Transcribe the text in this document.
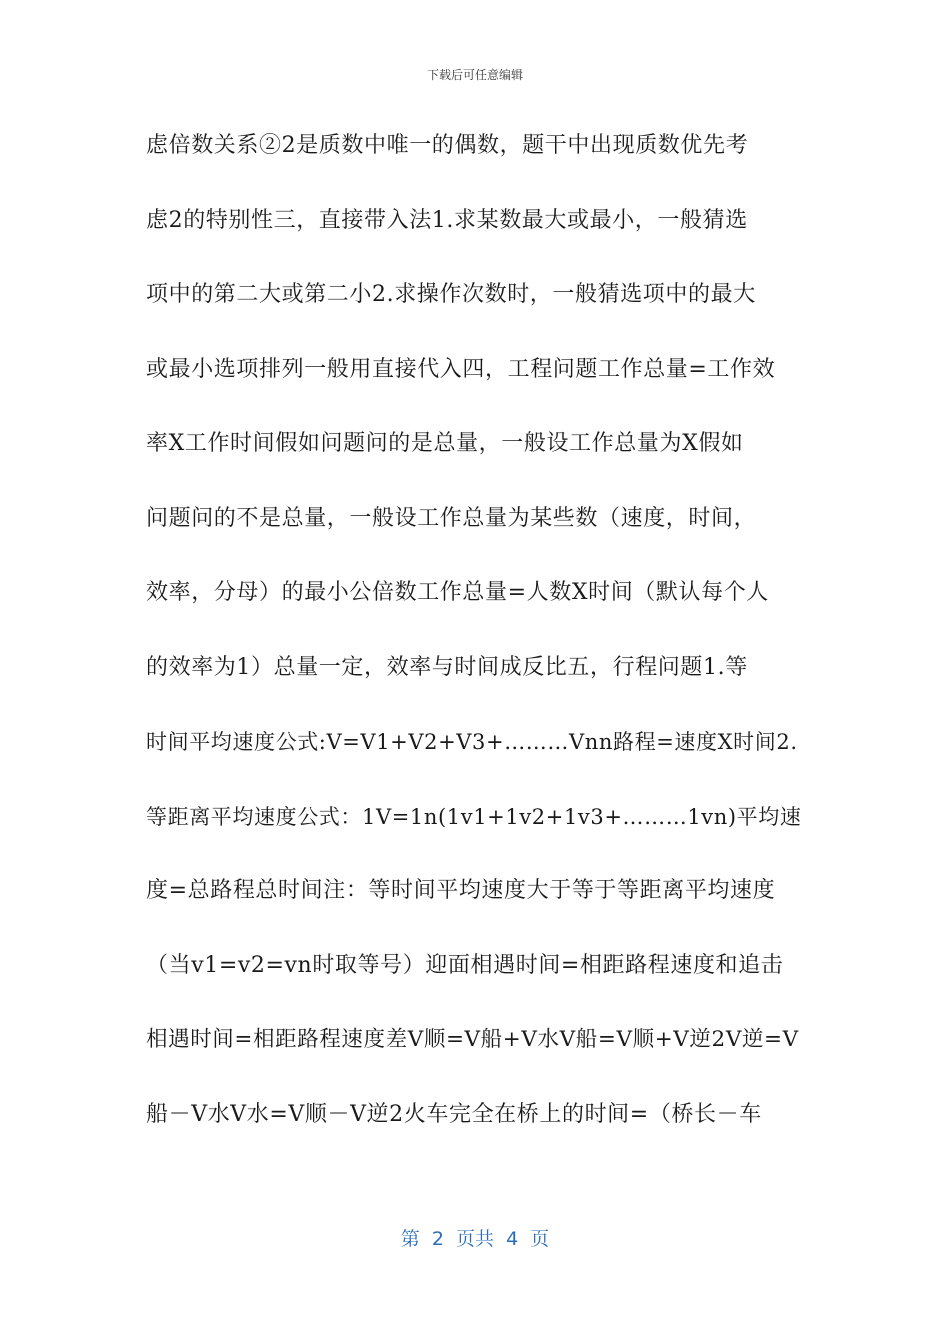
下载后可任意编辑
虑倍数关系②2是质数中唯一的偶数，题干中出现质数优先考
虑2的特别性三，直接带入法1.求某数最大或最小，一般猜选
项中的第二大或第二小2.求操作次数时，一般猜选项中的最大
或最小选项排列一般用直接代入四，工程问题工作总量=工作效
率X工作时间假如问题问的是总量，一般设工作总量为X假如
问题问的不是总量，一般设工作总量为某些数（速度，时间，
效率，分母）的最小公倍数工作总量=人数X时间（默认每个人
的效率为1）总量一定，效率与时间成反比五，行程问题1.等
时间平均速度公式:V=V1+V2+V3+………Vnn路程=速度X时间2.
等距离平均速度公式：1V=1n(1v1+1v2+1v3+………1vn)平均速
度=总路程总时间注：等时间平均速度大于等于等距离平均速度
（当v1=v2=vn时取等号）迎面相遇时间=相距路程速度和追击
相遇时间=相距路程速度差V顺=V船+V水V船=V顺+V逆2V逆=V
船－V水V水=V顺－V逆2火车完全在桥上的时间=（桥长－车
第  2  页共  4  页
